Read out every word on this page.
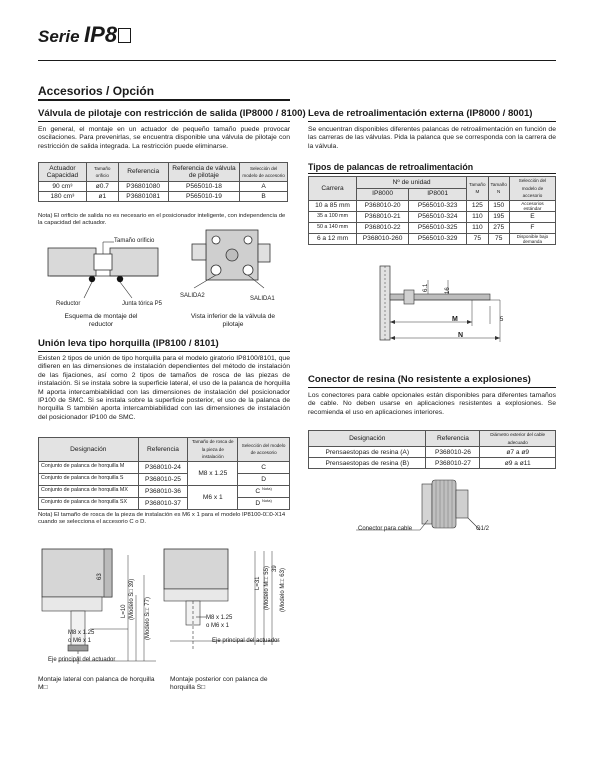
Serie IP8
Accesorios / Opción
Válvula de pilotaje con restricción de salida (IP8000 / 8100)
En general, el montaje en un actuador de pequeño tamaño puede provocar oscilaciones. Para prevenirlas, se encuentra disponible una válvula de pilotaje con restricción de salida integrada. La restricción puede eliminarse.
Actuador Capacidad	Tamaño orificio	Referencia	Referencia de válvula de pilotaje	Selección del modelo de accesorio
90 cm³	ø0.7	P36801080	P565010-18	A
180 cm³	ø1	P36801081	P565010-19	B
Nota) El orificio de salida no es necesario en el posicionador inteligente, con independencia de la capacidad del actuador.
Tamaño orificio
Reductor	Junta tórica P5
Esquema de montaje del reductor
SALIDA2	SALIDA1
Vista inferior de la válvula de pilotaje
Unión leva tipo horquilla (IP8100 / 8101)
Existen 2 tipos de unión de tipo horquilla para el modelo giratorio IP8100/8101, que difieren en las dimensiones de instalación dependientes del método de instalación de las fijaciones, así como 2 tipos de tamaños de rosca de las piezas de instalación. Si se instala sobre la superficie lateral, el uso de la palanca de horquilla M aporta intercambiabilidad con las dimensiones de instalación del posicionador IP100 de SMC. Si se instala sobre la superficie posterior, el uso de la palanca de horquilla S también aporta intercambiabilidad con las dimensiones de instalación del posicionador IP100 de SMC.
Designación	Referencia	Tamaño de rosca de la pieza de instalación	Selección del modelo de accesorio
Conjunto de palanca de horquilla M	P368010-24	M8 x 1.25	C
Conjunto de palanca de horquilla S	P368010-25		D
Conjunto de palanca de horquilla MX	P368010-36	M6 x 1	C $^{Nota)}$
Conjunto de palanca de horquilla SX	P368010-37		D $^{Nota)}$
Nota) El tamaño de rosca de la pieza de instalación es M6 x 1 para el modelo IP8100-0□0-X14 cuando se selecciona el accesorio C o D.
63
L=10 (Modelo S□ 39) (Modelo S□: 77)
M8 x 1.25
o M6 x 1
Eje principal del actuador
Montaje lateral con palanca de horquilla M□
L=31 (Modelo M□: 55) 39 (Modelo M□: 63)
M8 x 1.25
o M6 x 1
Eje principal del actuador
Montaje posterior con palanca de horquilla S□
Leva de retroalimentación externa (IP8000 / 8001)
Se encuentran disponibles diferentes palancas de retroalimentación en función de las carreras de las válvulas. Pida la palanca que se corresponda con la carrera de la válvula.
Tipos de palancas de retroalimentación
Carrera	Nº de unidad		Tamaño M	Tamaño N	Selección del modelo de accesorio
	IP8000	IP8001			
10 a 85 mm	P368010-20	P565010-323	125	150	Accesorios estándar
35 a 100 mm	P368010-21	P565010-324	110	195	E
50 a 140 mm	P368010-22	P565010-325	110	275	F
6 a 12 mm	P368010-260	P565010-329	75	75	Disponible bajo demanda
6.1	16
M
N
5
Conector de resina (No resistente a explosiones)
Los conectores para cable opcionales están disponibles para diferentes tamaños de cable. No deben usarse en aplicaciones resistentes a explosiones. Se recomienda el uso en aplicaciones interiores.
Designación	Referencia	Diámetro exterior del cable adecuado
Prensaestopas de resina (A)	P368010-26	ø7 a ø9
Prensaestopas de resina (B)	P368010-27	ø9 a ø11
Conector para cable	G1/2
